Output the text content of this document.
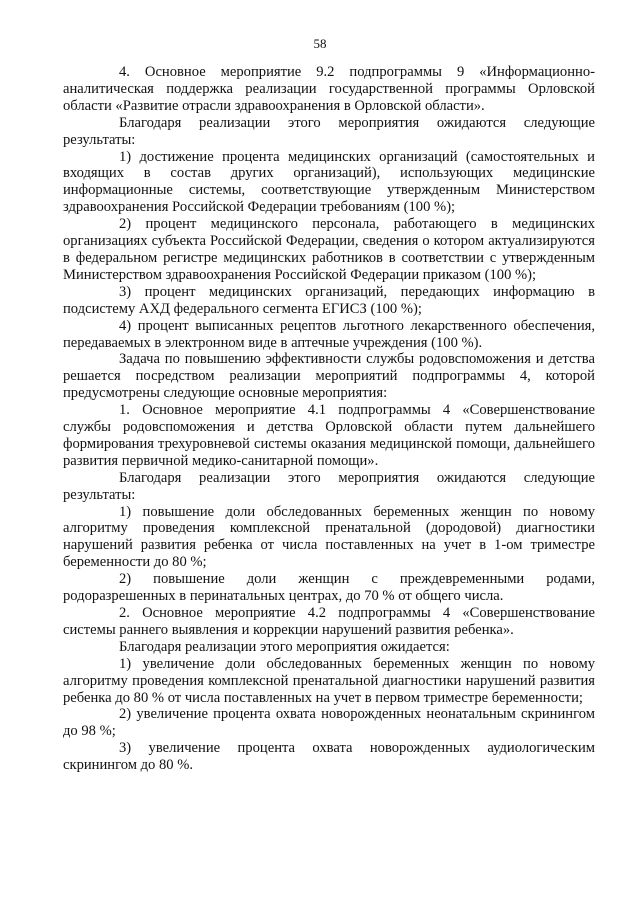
58

4. Основное мероприятие 9.2 подпрограммы 9 «Информационно-аналитическая поддержка реализации государственной программы Орловской области «Развитие отрасли здравоохранения в Орловской области».

Благодаря реализации этого мероприятия ожидаются следующие результаты:

1) достижение процента медицинских организаций (самостоятельных и входящих в состав других организаций), использующих медицинские информационные системы, соответствующие утвержденным Министерством здравоохранения Российской Федерации требованиям (100 %);

2) процент медицинского персонала, работающего в медицинских организациях субъекта Российской Федерации, сведения о котором актуализируются в федеральном регистре медицинских работников в соответствии с утвержденным Министерством здравоохранения Российской Федерации приказом (100 %);

3) процент медицинских организаций, передающих информацию в подсистему АХД федерального сегмента ЕГИСЗ (100 %);

4) процент выписанных рецептов льготного лекарственного обеспечения, передаваемых в электронном виде в аптечные учреждения (100 %).

Задача по повышению эффективности службы родовспоможения и детства решается посредством реализации мероприятий подпрограммы 4, которой предусмотрены следующие основные мероприятия:

1. Основное мероприятие 4.1 подпрограммы 4 «Совершенствование службы родовспоможения и детства Орловской области путем дальнейшего формирования трехуровневой системы оказания медицинской помощи, дальнейшего развития первичной медико-санитарной помощи».

Благодаря реализации этого мероприятия ожидаются следующие результаты:

1) повышение доли обследованных беременных женщин по новому алгоритму проведения комплексной пренатальной (дородовой) диагностики нарушений развития ребенка от числа поставленных на учет в 1-ом триместре беременности до 80 %;

2) повышение доли женщин с преждевременными родами, родоразрешенных в перинатальных центрах, до 70 % от общего числа.

2. Основное мероприятие 4.2 подпрограммы 4 «Совершенствование системы раннего выявления и коррекции нарушений развития ребенка».

Благодаря реализации этого мероприятия ожидается:

1) увеличение доли обследованных беременных женщин по новому алгоритму проведения комплексной пренатальной диагностики нарушений развития ребенка до 80 % от числа поставленных на учет в первом триместре беременности;

2) увеличение процента охвата новорожденных неонатальным скринингом до 98 %;

3) увеличение процента охвата новорожденных аудиологическим скринингом до 80 %.
